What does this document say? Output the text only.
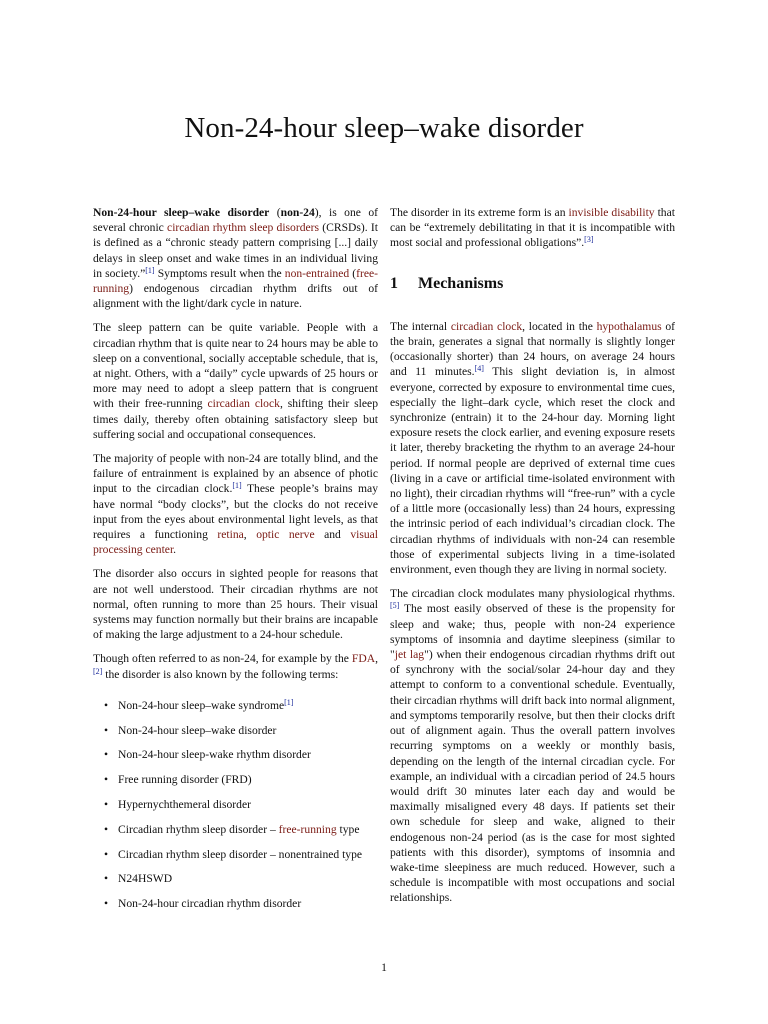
Non-24-hour sleep–wake disorder

Non-24-hour sleep–wake disorder (non-24), is one of several chronic circadian rhythm sleep disorders (CRSDs). It is defined as a “chronic steady pattern comprising [...] daily delays in sleep onset and wake times in an individual living in society.”[1] Symptoms result when the non-entrained (free-running) endogenous circadian rhythm drifts out of alignment with the light/dark cycle in nature.

The sleep pattern can be quite variable. People with a circadian rhythm that is quite near to 24 hours may be able to sleep on a conventional, socially acceptable schedule, that is, at night. Others, with a “daily” cycle upwards of 25 hours or more may need to adopt a sleep pattern that is congruent with their free-running circadian clock, shifting their sleep times daily, thereby often obtaining satisfactory sleep but suffering social and occupational consequences.

The majority of people with non-24 are totally blind, and the failure of entrainment is explained by an absence of photic input to the circadian clock.[1] These people’s brains may have normal “body clocks”, but the clocks do not receive input from the eyes about environmental light levels, as that requires a functioning retina, optic nerve and visual processing center.

The disorder also occurs in sighted people for reasons that are not well understood. Their circadian rhythms are not normal, often running to more than 25 hours. Their visual systems may function normally but their brains are incapable of making the large adjustment to a 24-hour schedule.

Though often referred to as non-24, for example by the FDA,[2] the disorder is also known by the following terms:

• Non-24-hour sleep–wake syndrome[1]
• Non-24-hour sleep–wake disorder
• Non-24-hour sleep-wake rhythm disorder
• Free running disorder (FRD)
• Hypernychthemeral disorder
• Circadian rhythm sleep disorder – free-running type
• Circadian rhythm sleep disorder – nonentrained type
• N24HSWD
• Non-24-hour circadian rhythm disorder

The disorder in its extreme form is an invisible disability that can be “extremely debilitating in that it is incompatible with most social and professional obligations”.[3]

1 Mechanisms

The internal circadian clock, located in the hypothalamus of the brain, generates a signal that normally is slightly longer (occasionally shorter) than 24 hours, on average 24 hours and 11 minutes.[4] This slight deviation is, in almost everyone, corrected by exposure to environmental time cues, especially the light–dark cycle, which reset the clock and synchronize (entrain) it to the 24-hour day. Morning light exposure resets the clock earlier, and evening exposure resets it later, thereby bracketing the rhythm to an average 24-hour period. If normal people are deprived of external time cues (living in a cave or artificial time-isolated environment with no light), their circadian rhythms will “free-run” with a cycle of a little more (occasionally less) than 24 hours, expressing the intrinsic period of each individual’s circadian clock. The circadian rhythms of individuals with non-24 can resemble those of experimental subjects living in a time-isolated environment, even though they are living in normal society.

The circadian clock modulates many physiological rhythms.[5] The most easily observed of these is the propensity for sleep and wake; thus, people with non-24 experience symptoms of insomnia and daytime sleepiness (similar to "jet lag") when their endogenous circadian rhythms drift out of synchrony with the social/solar 24-hour day and they attempt to conform to a conventional schedule. Eventually, their circadian rhythms will drift back into normal alignment, and symptoms temporarily resolve, but then their clocks drift out of alignment again. Thus the overall pattern involves recurring symptoms on a weekly or monthly basis, depending on the length of the internal circadian cycle. For example, an individual with a circadian period of 24.5 hours would drift 30 minutes later each day and would be maximally misaligned every 48 days. If patients set their own schedule for sleep and wake, aligned to their endogenous non-24 period (as is the case for most sighted patients with this disorder), symptoms of insomnia and wake-time sleepiness are much reduced. However, such a schedule is incompatible with most occupations and social relationships.

1
